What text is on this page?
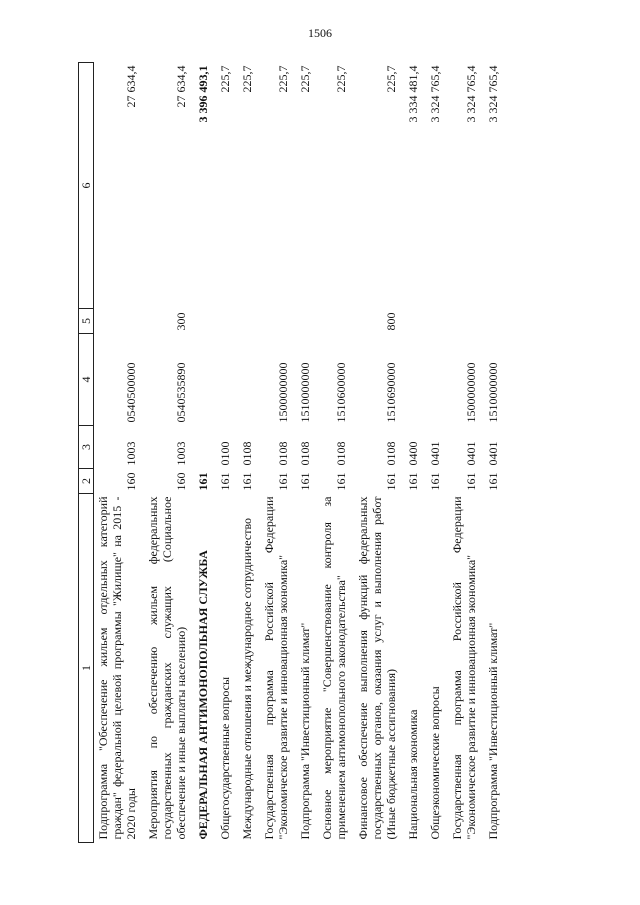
1506
1	2	3	4	5	6
Подпрограмма "Обеспечение жильем отдельных категорий граждан" федеральной целевой программы "Жилище" на 2015 - 2020 годы	160	1003	0540500000		27 634,4
Мероприятия по обеспечению жильем федеральных государственных гражданских служащих (Социальное обеспечение и иные выплаты населению)	160	1003	0540535890	300	27 634,4
ФЕДЕРАЛЬНАЯ АНТИМОНОПОЛЬНАЯ СЛУЖБА	161				3 396 493,1
Общегосударственные вопросы	161	0100			225,7
Международные отношения и международное сотрудничество	161	0108			225,7
Государственная программа Российской Федерации "Экономическое развитие и инновационная экономика"	161	0108	1500000000		225,7
Подпрограмма "Инвестиционный климат"	161	0108	1510000000		225,7
Основное мероприятие "Совершенствование контроля за применением антимонопольного законодательства"	161	0108	1510600000		225,7
Финансовое обеспечение выполнения функций федеральных государственных органов, оказания услуг и выполнения работ (Иные бюджетные ассигнования)	161	0108	1510690000	800	225,7
Национальная экономика	161	0400			3 334 481,4
Общеэкономические вопросы	161	0401			3 324 765,4
Государственная программа Российской Федерации "Экономическое развитие и инновационная экономика"	161	0401	1500000000		3 324 765,4
Подпрограмма "Инвестиционный климат"	161	0401	1510000000		3 324 765,4
